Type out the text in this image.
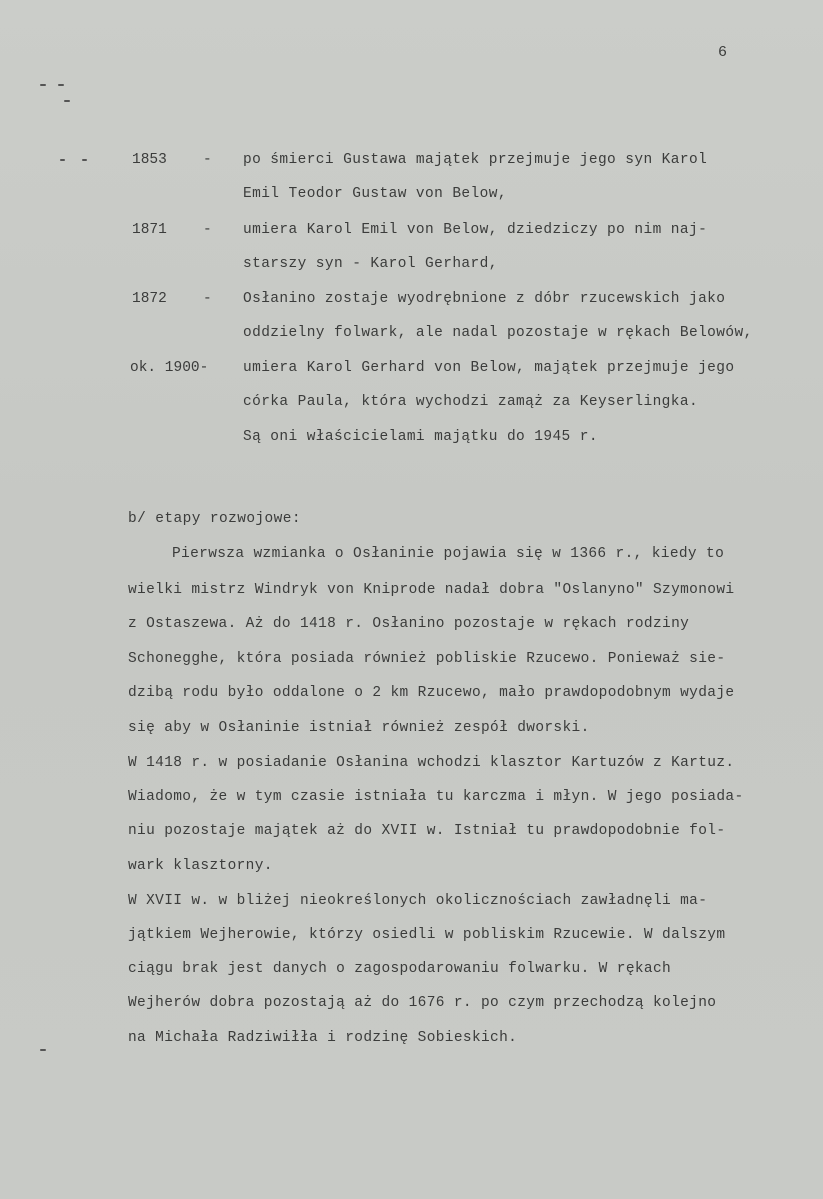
6
1853 - po śmierci Gustawa majątek przejmuje jego syn Karol
Emil Teodor Gustaw von Below,
1871 - umiera Karol Emil von Below, dziedziczy po nim naj-
starszy syn - Karol Gerhard,
1872 - Osłanino zostaje wyodrębnione z dóbr rzucewskich jako
oddzielny folwark, ale nadal pozostaje w rękach Belowów,
ok. 1900- umiera Karol Gerhard von Below, majątek przejmuje jego
córka Paula, która wychodzi zamąż za Keyserlingka.
Są oni właścicielami majątku do 1945 r.
b/ etapy rozwojowe:
Pierwsza wzmianka o Osłaninie pojawia się w 1366 r., kiedy to
wielki mistrz Windryk von Kniprode nadał dobra "Oslanyno" Szymonowi
z Ostaszewa. Aż do 1418 r. Osłanino pozostaje w rękach rodziny
Schonegghe, która posiada również pobliskie Rzucewo. Ponieważ sie-
dzibą rodu było oddalone o 2 km Rzucewo, mało prawdopodobnym wydaje
się aby w Osłaninie istniał również zespół dworski.
W 1418 r. w posiadanie Osłanina wchodzi klasztor Kartuzów z Kartuz.
Wiadomo, że w tym czasie istniała tu karczma i młyn. W jego posiada-
niu pozostaje majątek aż do XVII w. Istniał tu prawdopodobnie fol-
wark klasztorny.
W XVII w. w bliżej nieokreślonych okolicznościach zawładnęli ma-
jątkiem Wejherowie, którzy osiedli w pobliskim Rzucewie. W dalszym
ciągu brak jest danych o zagospodarowaniu folwarku. W rękach
Wejherów dobra pozostają aż do 1676 r. po czym przechodzą kolejno
na Michała Radziwiłła i rodzinę Sobieskich.
